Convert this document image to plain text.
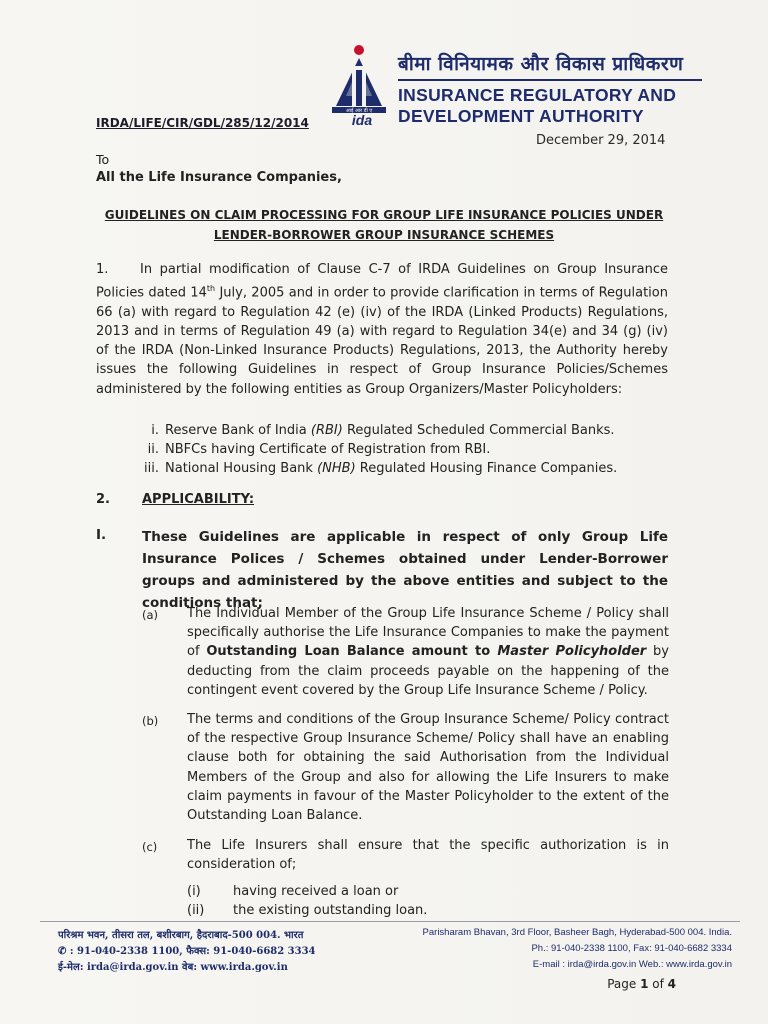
आई आर डी ए
ida
बीमा विनियामक और विकास प्राधिकरण
INSURANCE REGULATORY AND
DEVELOPMENT AUTHORITY
IRDA/LIFE/CIR/GDL/285/12/2014
December 29, 2014
To
All the Life Insurance Companies,
GUIDELINES ON CLAIM PROCESSING FOR GROUP LIFE INSURANCE POLICIES UNDER
LENDER-BORROWER GROUP INSURANCE SCHEMES
1. In partial modification of Clause C-7 of IRDA Guidelines on Group Insurance Policies dated 14th July, 2005 and in order to provide clarification in terms of Regulation 66 (a) with regard to Regulation 42 (e) (iv) of the IRDA (Linked Products) Regulations, 2013 and in terms of Regulation 49 (a) with regard to Regulation 34(e) and 34 (g) (iv) of the IRDA (Non-Linked Insurance Products) Regulations, 2013, the Authority hereby issues the following Guidelines in respect of Group Insurance Policies/Schemes administered by the following entities as Group Organizers/Master Policyholders:
i. Reserve Bank of India (RBI) Regulated Scheduled Commercial Banks.
ii. NBFCs having Certificate of Registration from RBI.
iii. National Housing Bank (NHB) Regulated Housing Finance Companies.
2. APPLICABILITY:
I.	These Guidelines are applicable in respect of only Group Life Insurance Polices / Schemes obtained under Lender-Borrower groups and administered by the above entities and subject to the conditions that;
(a) The Individual Member of the Group Life Insurance Scheme / Policy shall specifically authorise the Life Insurance Companies to make the payment of Outstanding Loan Balance amount to Master Policyholder by deducting from the claim proceeds payable on the happening of the contingent event covered by the Group Life Insurance Scheme / Policy.
(b) The terms and conditions of the Group Insurance Scheme/ Policy contract of the respective Group Insurance Scheme/ Policy shall have an enabling clause both for obtaining the said Authorisation from the Individual Members of the Group and also for allowing the Life Insurers to make claim payments in favour of the Master Policyholder to the extent of the Outstanding Loan Balance.
(c) The Life Insurers shall ensure that the specific authorization is in consideration of;
(i) having received a loan or
(ii) the existing outstanding loan.
परिश्रम भवन, तीसरा तल, बशीरबाग, हैदराबाद-500 004. भारत
✆ : 91-040-2338 1100, फैक्स: 91-040-6682 3334
ई-मेल: irda@irda.gov.in वेब: www.irda.gov.in
Parisharam Bhavan, 3rd Floor, Basheer Bagh, Hyderabad-500 004. India.
Ph.: 91-040-2338 1100, Fax: 91-040-6682 3334
E-mail : irda@irda.gov.in Web.: www.irda.gov.in
Page 1 of 4
